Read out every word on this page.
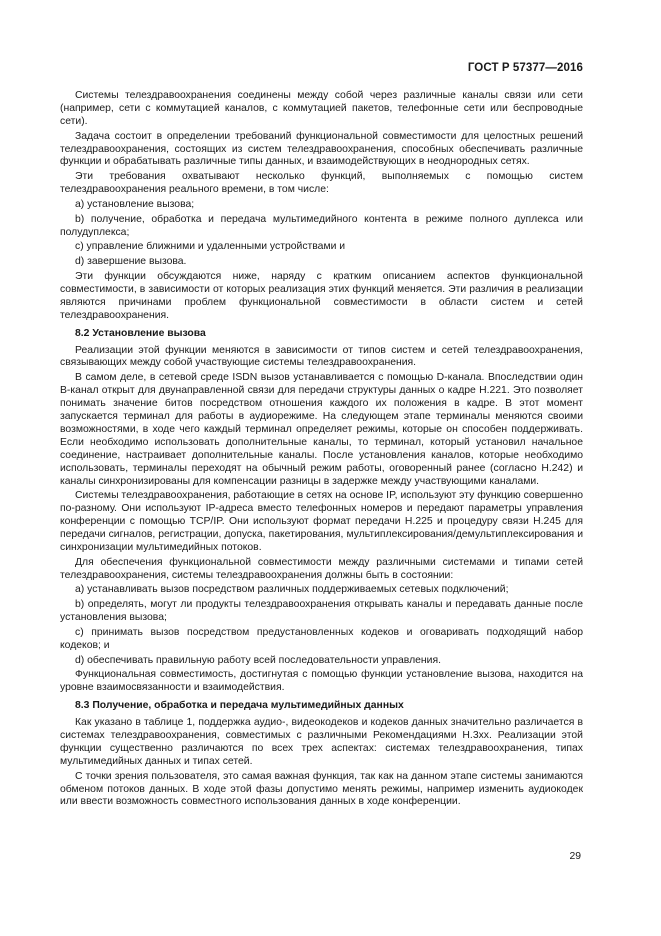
ГОСТ Р 57377—2016

Системы телездравоохранения соединены между собой через различные каналы связи или сети (например, сети с коммутацией каналов, с коммутацией пакетов, телефонные сети или беспроводные сети).

Задача состоит в определении требований функциональной совместимости для целостных решений телездравоохранения, состоящих из систем телездравоохранения, способных обеспечивать различные функции и обрабатывать различные типы данных, и взаимодействующих в неоднородных сетях.

Эти требования охватывают несколько функций, выполняемых с помощью систем телездравоохранения реального времени, в том числе:

a) установление вызова;

b) получение, обработка и передача мультимедийного контента в режиме полного дуплекса или полудуплекса;

c) управление ближними и удаленными устройствами и

d) завершение вызова.

Эти функции обсуждаются ниже, наряду с кратким описанием аспектов функциональной совместимости, в зависимости от которых реализация этих функций меняется. Эти различия в реализации являются причинами проблем функциональной совместимости в области систем и сетей телездравоохранения.

8.2 Установление вызова

Реализации этой функции меняются в зависимости от типов систем и сетей телездравоохранения, связывающих между собой участвующие системы телездравоохранения.

В самом деле, в сетевой среде ISDN вызов устанавливается с помощью D-канала. Впоследствии один B-канал открыт для двунаправленной связи для передачи структуры данных о кадре H.221. Это позволяет понимать значение битов посредством отношения каждого их положения в кадре. В этот момент запускается терминал для работы в аудиорежиме. На следующем этапе терминалы меняются своими возможностями, в ходе чего каждый терминал определяет режимы, которые он способен поддерживать. Если необходимо использовать дополнительные каналы, то терминал, который установил начальное соединение, настраивает дополнительные каналы. После установления каналов, которые необходимо использовать, терминалы переходят на обычный режим работы, оговоренный ранее (согласно H.242) и каналы синхронизированы для компенсации разницы в задержке между участвующими каналами.

Системы телездравоохранения, работающие в сетях на основе IP, используют эту функцию совершенно по-разному. Они используют IP-адреса вместо телефонных номеров и передают параметры управления конференции с помощью TCP/IP. Они используют формат передачи H.225 и процедуру связи H.245 для передачи сигналов, регистрации, допуска, пакетирования, мультиплексирования/демультиплексирования и синхронизации мультимедийных потоков.

Для обеспечения функциональной совместимости между различными системами и типами сетей телездравоохранения, системы телездравоохранения должны быть в состоянии:

a) устанавливать вызов посредством различных поддерживаемых сетевых подключений;

b) определять, могут ли продукты телездравоохранения открывать каналы и передавать данные после установления вызова;

c) принимать вызов посредством предустановленных кодеков и оговаривать подходящий набор кодеков; и

d) обеспечивать правильную работу всей последовательности управления.

Функциональная совместимость, достигнутая с помощью функции установление вызова, находится на уровне взаимосвязанности и взаимодействия.

8.3 Получение, обработка и передача мультимедийных данных

Как указано в таблице 1, поддержка аудио-, видеокодеков и кодеков данных значительно различается в системах телездравоохранения, совместимых с различными Рекомендациями H.3xx. Реализации этой функции существенно различаются по всех трех аспектах: системах телездравоохранения, типах мультимедийных данных и типах сетей.

С точки зрения пользователя, это самая важная функция, так как на данном этапе системы занимаются обменом потоков данных. В ходе этой фазы допустимо менять режимы, например изменить аудиокодек или ввести возможность совместного использования данных в ходе конференции.

29
